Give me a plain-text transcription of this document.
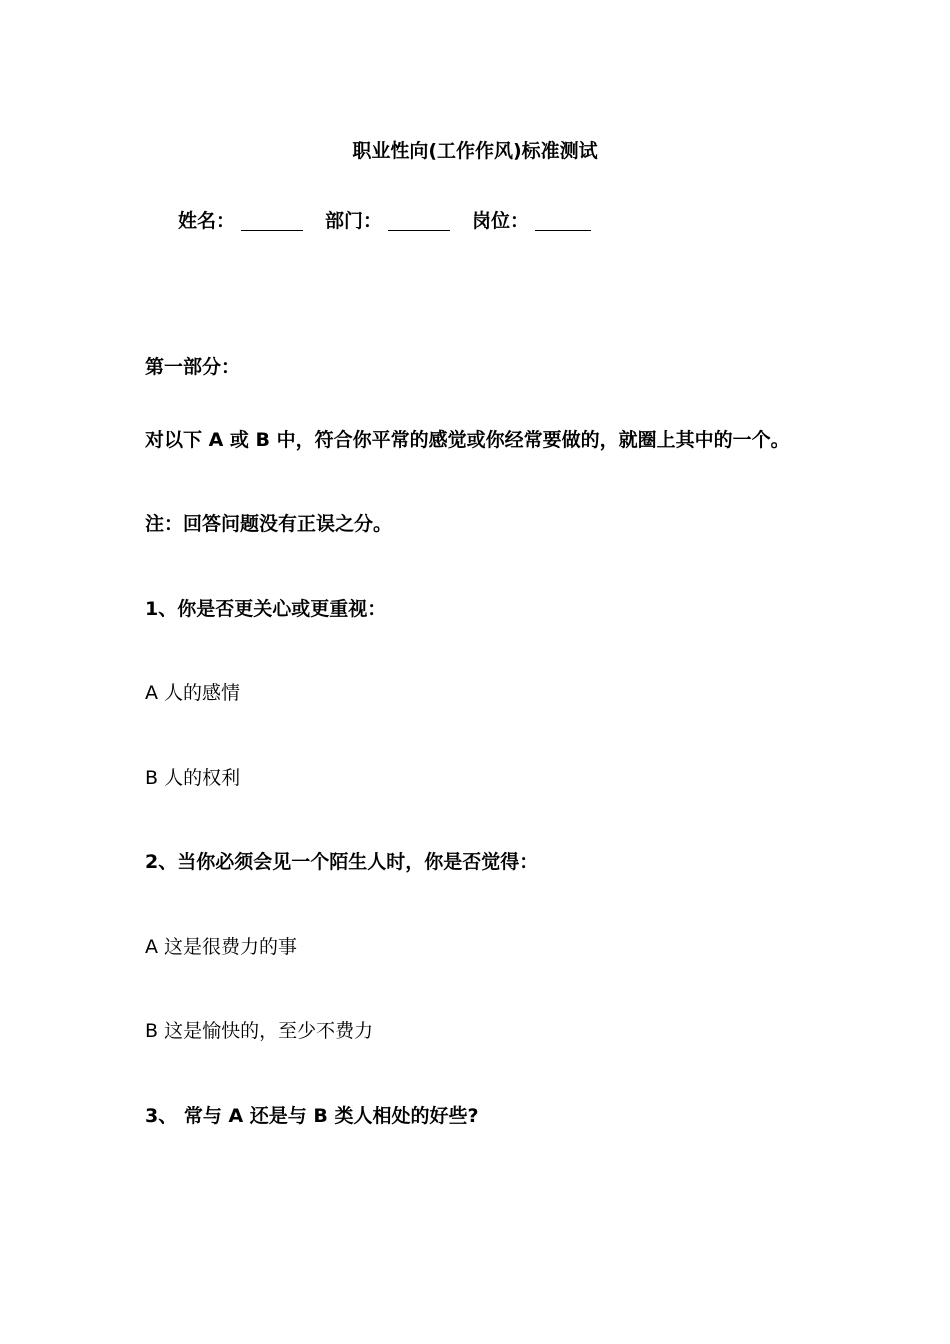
职业性向(工作作风)标准测试
姓名：	部门：	岗位：
第一部分：
对以下 A 或 B 中，符合你平常的感觉或你经常要做的，就圈上其中的一个。
注：回答问题没有正误之分。
1、你是否更关心或更重视：
A 人的感情
B 人的权利
2、当你必须会见一个陌生人时，你是否觉得：
A 这是很费力的事
B 这是愉快的，至少不费力
3、 常与 A 还是与 B 类人相处的好些?
